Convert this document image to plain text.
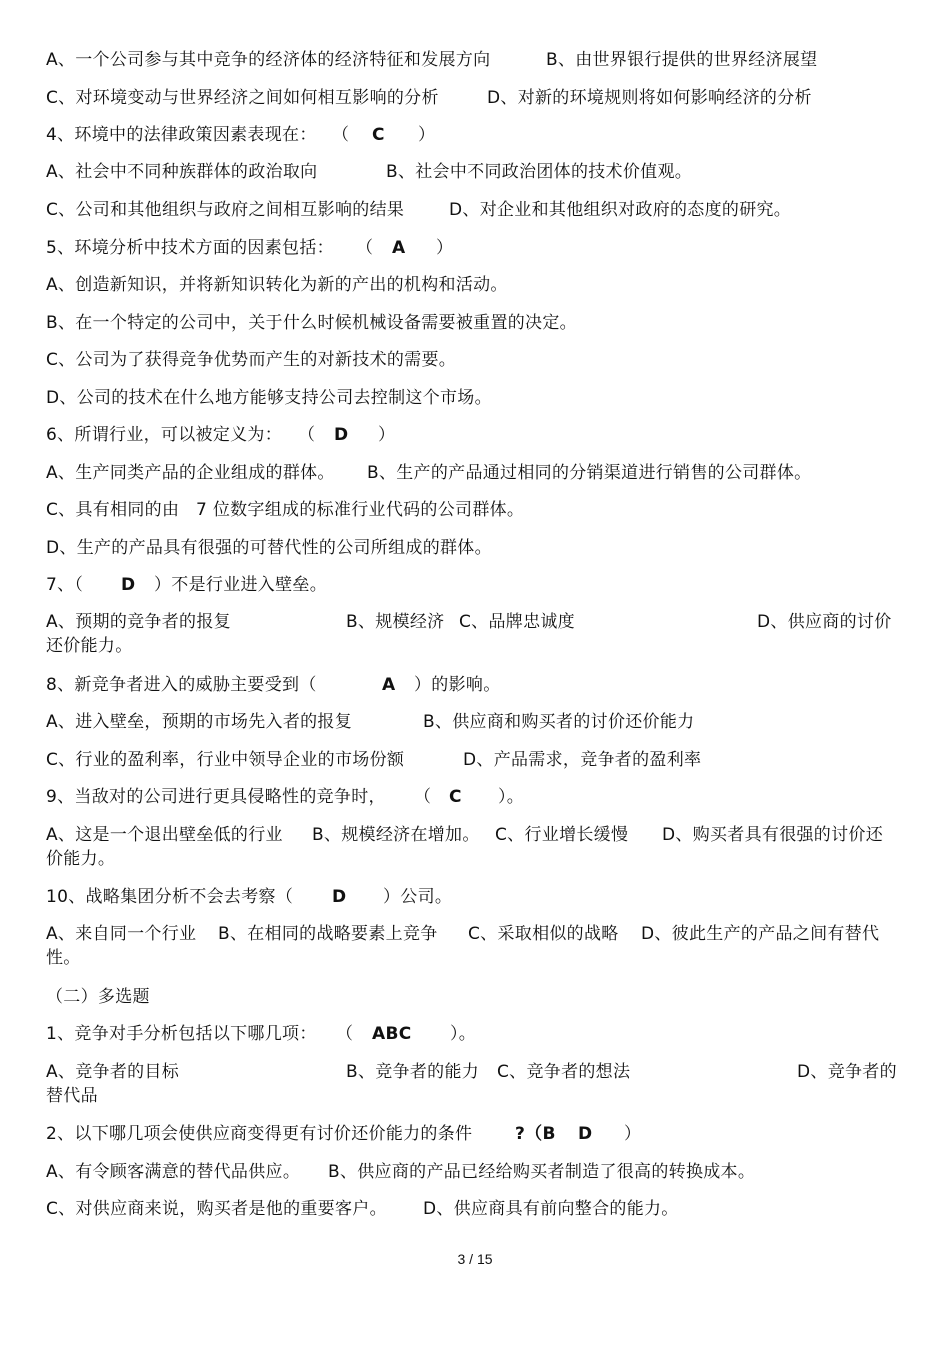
A、一个公司参与其中竞争的经济体的经济特征和发展方向	B、由世界银行提供的世界经济展望
C、对环境变动与世界经济之间如何相互影响的分析	D、对新的环境规则将如何影响经济的分析
4、环境中的法律政策因素表现在： （ C ）
A、社会中不同种族群体的政治取向	B、社会中不同政治团体的技术价值观。
C、公司和其他组织与政府之间相互影响的结果	D、对企业和其他组织对政府的态度的研究。
5、环境分析中技术方面的因素包括： （ A ）
A、创造新知识，并将新知识转化为新的产出的机构和活动。
B、在一个特定的公司中，关于什么时候机械设备需要被重置的决定。
C、公司为了获得竞争优势而产生的对新技术的需要。
D、公司的技术在什么地方能够支持公司去控制这个市场。
6、所谓行业，可以被定义为： （ D ）
A、生产同类产品的企业组成的群体。 B、生产的产品通过相同的分销渠道进行销售的公司群体。
C、具有相同的由 7 位数字组成的标准行业代码的公司群体。
D、生产的产品具有很强的可替代性的公司所组成的群体。
7、（ D ）不是行业进入壁垒。
A、预期的竞争者的报复	B、规模经济 C、品牌忠诚度	D、供应商的讨价
还价能力。
8、新竞争者进入的威胁主要受到（	A ）的影响。
A、进入壁垒，预期的市场先入者的报复	B、供应商和购买者的讨价还价能力
C、行业的盈利率，行业中领导企业的市场份额	D、产品需求，竞争者的盈利率
9、当敌对的公司进行更具侵略性的竞争时， （ C ）。
A、这是一个退出壁垒低的行业 B、规模经济在增加。 C、行业增长缓慢 D、购买者具有很强的讨价还
价能力。
10、战略集团分析不会去考察（ D ）公司。
A、来自同一个行业 B、在相同的战略要素上竞争 C、采取相似的战略 D、彼此生产的产品之间有替代
性。
（二）多选题
1、竞争对手分析包括以下哪几项： （ ABC ）。
A、竞争者的目标	B、竞争者的能力 C、竞争者的想法	D、竞争者的
替代品
2、以下哪几项会使供应商变得更有讨价还价能力的条件	?（B D ）
A、有令顾客满意的替代品供应。 B、供应商的产品已经给购买者制造了很高的转换成本。
C、对供应商来说，购买者是他的重要客户。 D、供应商具有前向整合的能力。
3 / 15
